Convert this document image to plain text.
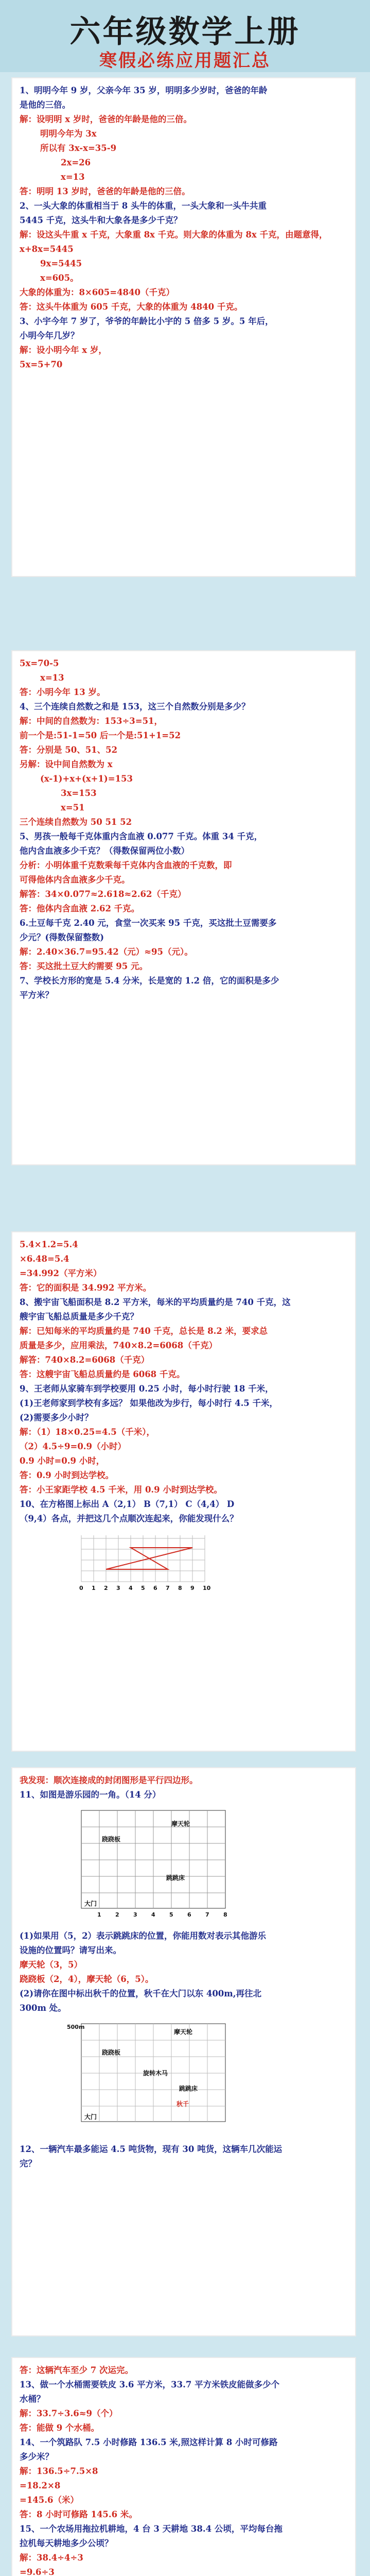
六年级数学上册
寒假必练应用题汇总

1、明明今年 9 岁，父亲今年 35 岁，明明多少岁时，爸爸的年龄

是他的三倍。

解：设明明 x 岁时，爸爸的年龄是他的三倍。

明明今年为 3x

所以有 3x-x=35-9

2x=26

x=13

答：明明 13 岁时，爸爸的年龄是他的三倍。

2、一头大象的体重相当于 8 头牛的体重，一头大象和一头牛共重

5445 千克，这头牛和大象各是多少千克？

解：设这头牛重 x 千克，大象重 8x 千克。则大象的体重为 8x 千克，由题意得，

x+8x=5445

9x=5445

x=605。

大象的体重为：8×605=4840（千克）

答：这头牛体重为 605 千克，大象的体重为 4840 千克。

3、小宇今年 7 岁了，爷爷的年龄比小宇的 5 倍多 5 岁。5 年后，

小明今年几岁？

解：设小明今年 x 岁，

5x=5+70

5x=70-5

x=13

答：小明今年 13 岁。

4、三个连续自然数之和是 153，这三个自然数分别是多少？

解：中间的自然数为：153÷3=51，

前一个是:51-1=50 后一个是:51+1=52

答：分别是 50、51、52

另解：设中间自然数为 x

(x-1)+x+(x+1)=153

3x=153

x=51

三个连续自然数为 50 51 52

5、男孩一般每千克体重内含血液 0.077 千克。体重 34 千克，

他内含血液多少千克？（得数保留两位小数）

分析：小明体重千克数乘每千克体内含血液的千克数，即

可得他体内含血液多少千克。

解答：34×0.077≈2.618≈2.62（千克）

答：他体内含血液 2.62 千克。

6.土豆每千克 2.40 元，食堂一次买来 95 千克，买这批土豆需要多

少元？(得数保留整数)

解：2.40×36.7=95.42（元）≈95（元）。

答：买这批土豆大约需要 95 元。

7、学校长方形的宽是 5.4 分米，长是宽的 1.2 倍，它的面积是多少

平方米？

5.4×1.2=5.4

×6.48=5.4

=34.992（平方米）

答：它的面积是 34.992 平方米。

8、搬宇宙飞船面积是 8.2 平方米，每米的平均质量约是 740 千克，这

艘宇宙飞船总质量是多少千克？

解：已知每米的平均质量约是 740 千克，总长是 8.2 米，要求总

质量是多少，应用乘法，740×8.2=6068（千克）

解答：740×8.2=6068（千克）

答：这艘宇宙飞船总质量约是 6068 千克。

9、王老师从家骑车到学校要用 0.25 小时，每小时行驶 18 千米，

(1)王老师家到学校有多远？ 如果他改为步行，每小时行 4.5 千米，

(2)需要多少小时？

解：（1）18×0.25=4.5（千米），

（2）4.5÷9=0.9（小时）

0.9 小时=0.9 小时，

答：0.9 小时到达学校。

答：小王家距学校 4.5 千米，用 0.9 小时到达学校。

10、在方格图上标出 A（2,1） B（7,1） C（4,4） D

（9,4）各点，并把这几个点顺次连起来，你能发现什么？

0 1 2 3 4 5 6 7 8 9 10

我发现：顺次连接成的封闭图形是平行四边形。

11、如图是游乐园的一角。（14 分）

跷跷板
摩天轮
跳跳床
大门
1 2 3 4 5 6 7 8

(1)如果用（5，2）表示跳跳床的位置，你能用数对表示其他游乐

设施的位置吗？请写出来。

摩天轮（3，5）

跷跷板（2，4），摩天轮（6，5）。

(2)请你在图中标出秋千的位置，秋千在大门以东 400m,再往北

300m 处。

500m
跷跷板
摩天轮
旋转木马
跳跳床
秋千
大门

12、一辆汽车最多能运 4.5 吨货物，现有 30 吨货，这辆车几次能运

完？

答：这辆汽车至少 7 次运完。

13、做一个水桶需要铁皮 3.6 平方米，33.7 平方米铁皮能做多少个

水桶？

解：33.7÷3.6≈9（个）

答：能做 9 个水桶。

14、一个筑路队 7.5 小时修路 136.5 米,照这样计算 8 小时可修路

多少米？

解：136.5÷7.5×8

=18.2×8

=145.6（米）

答：8 小时可修路 145.6 米。

15、一个农场用拖拉机耕地，4 台 3 天耕地 38.4 公顷，平均每台拖

拉机每天耕地多少公顷？

解：38.4÷4÷3

=9.6÷3
